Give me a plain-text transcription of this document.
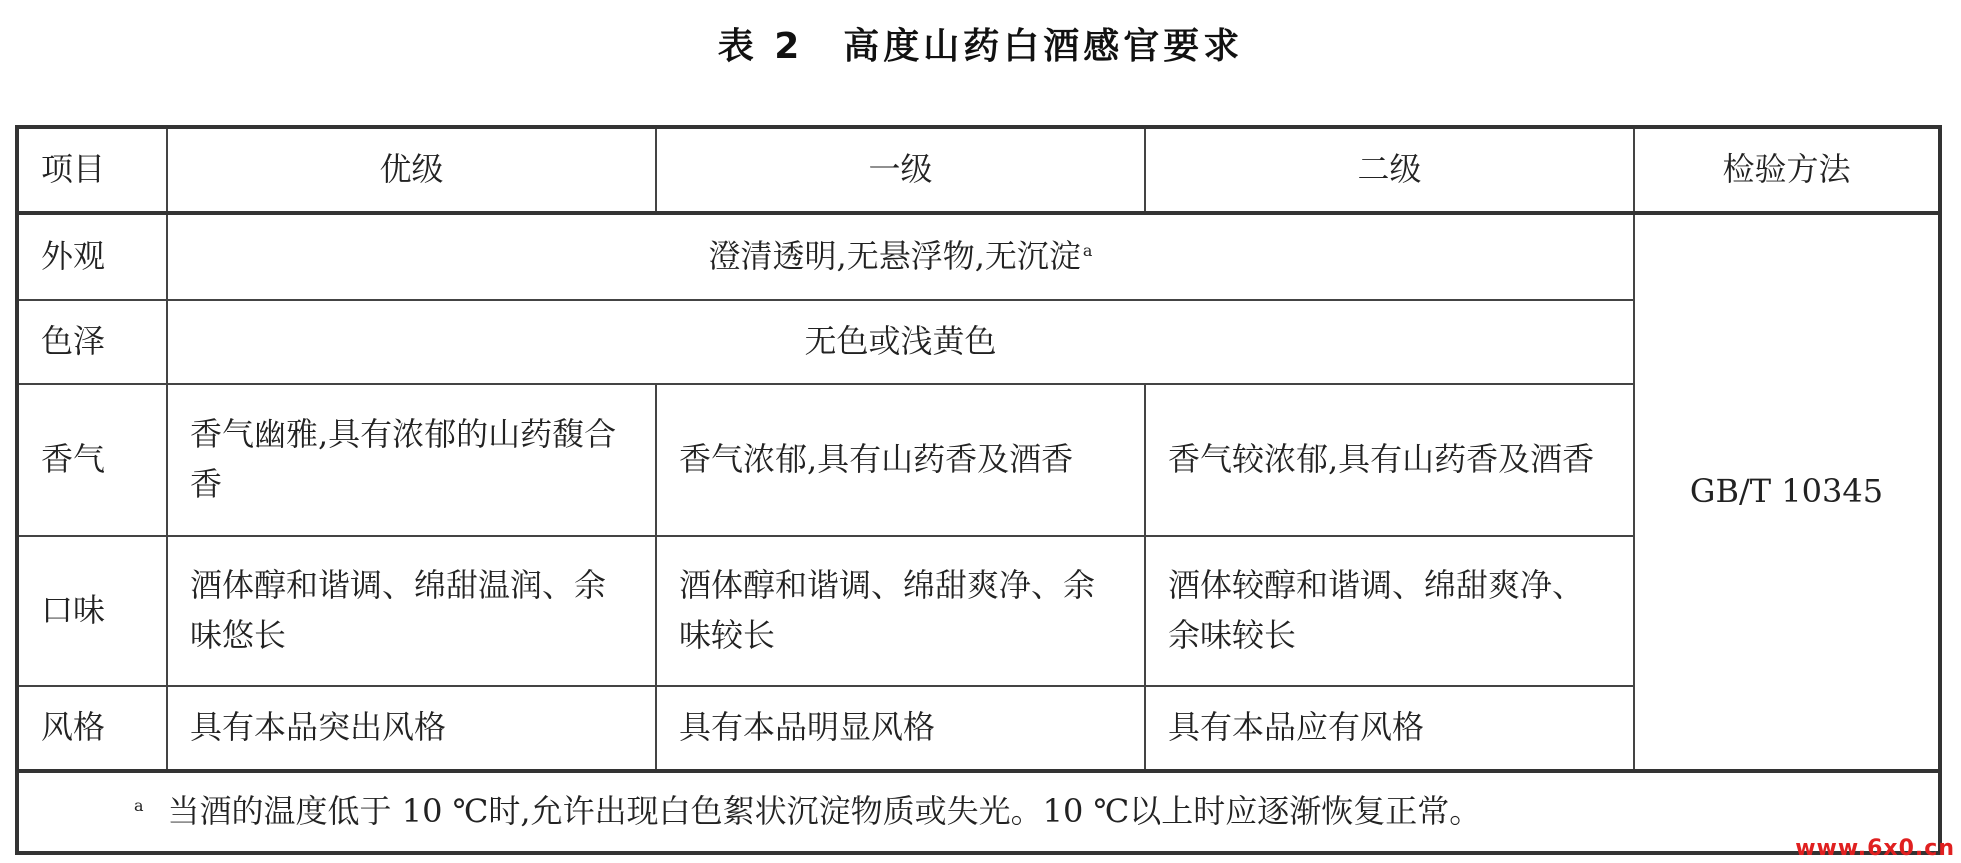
表 2 高度山药白酒感官要求
项目	优级	一级	二级	检验方法
外观	澄清透明,无悬浮物,无沉淀 $^a$			GB/T 10345
色泽	无色或浅黄色			
香气	香气幽雅,具有浓郁的山药馥合香	香气浓郁,具有山药香及酒香	香气较浓郁,具有山药香及酒香	
口味	酒体醇和谐调、绵甜温润、余味悠长	酒体醇和谐调、绵甜爽净、余味较长	酒体较醇和谐调、绵甜爽净、余味较长	
风格	具有本品突出风格	具有本品明显风格	具有本品应有风格	
$^a$ 当酒的温度低于 10 ℃时,允许出现白色絮状沉淀物质或失光。10 ℃以上时应逐渐恢复正常。				
www.6x0.cn
